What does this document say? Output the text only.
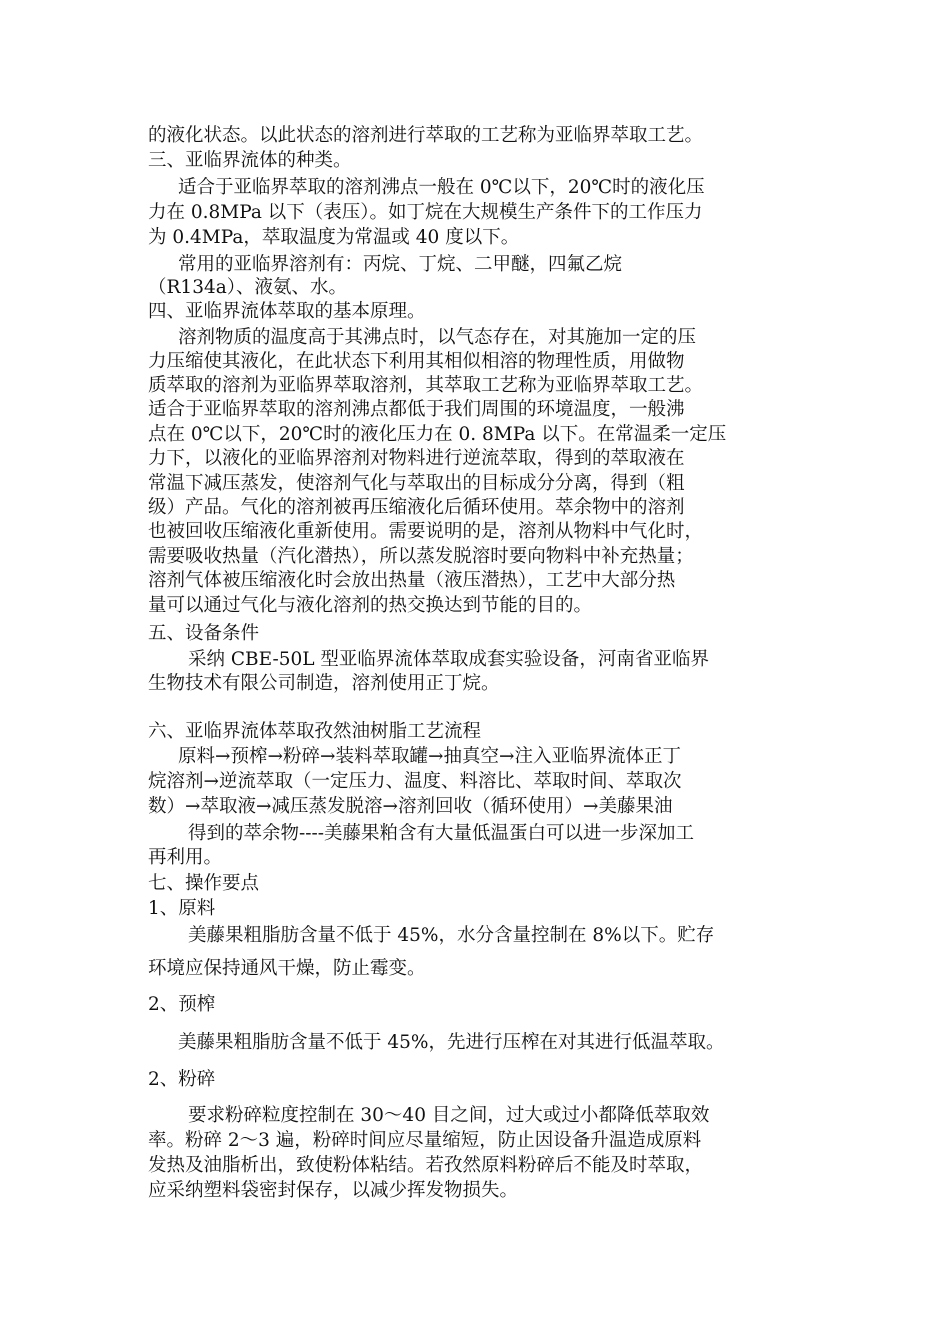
的液化状态。以此状态的溶剂进行萃取的工艺称为亚临界萃取工艺。

三、亚临界流体的种类。

适合于亚临界萃取的溶剂沸点一般在 0℃以下，20℃时的液化压

力在 0.8MPa 以下（表压）。如丁烷在大规模生产条件下的工作压力

为 0.4MPa，萃取温度为常温或 40 度以下。

常用的亚临界溶剂有：丙烷、丁烷、二甲醚，四氟乙烷

（R134a）、液氨、水。

四、亚临界流体萃取的基本原理。

溶剂物质的温度高于其沸点时，以气态存在，对其施加一定的压

力压缩使其液化，在此状态下利用其相似相溶的物理性质，用做物

质萃取的溶剂为亚临界萃取溶剂，其萃取工艺称为亚临界萃取工艺。

适合于亚临界萃取的溶剂沸点都低于我们周围的环境温度，一般沸

点在 0℃以下，20℃时的液化压力在 0. 8MPa 以下。在常温柔一定压

力下，以液化的亚临界溶剂对物料进行逆流萃取，得到的萃取液在

常温下减压蒸发，使溶剂气化与萃取出的目标成分分离，得到（粗

级）产品。气化的溶剂被再压缩液化后循环使用。萃余物中的溶剂

也被回收压缩液化重新使用。需要说明的是，溶剂从物料中气化时，

需要吸收热量（汽化潜热），所以蒸发脱溶时要向物料中补充热量；

溶剂气体被压缩液化时会放出热量（液压潜热），工艺中大部分热

量可以通过气化与液化溶剂的热交换达到节能的目的。

五、设备条件

采纳 CBE-50L 型亚临界流体萃取成套实验设备，河南省亚临界

生物技术有限公司制造，溶剂使用正丁烷。

六、亚临界流体萃取孜然油树脂工艺流程

原料→预榨→粉碎→装料萃取罐→抽真空→注入亚临界流体正丁

烷溶剂→逆流萃取（一定压力、温度、料溶比、萃取时间、萃取次

数）→萃取液→减压蒸发脱溶→溶剂回收（循环使用）→美藤果油

得到的萃余物----美藤果粕含有大量低温蛋白可以进一步深加工

再利用。

七、操作要点

1、原料

美藤果粗脂肪含量不低于 45%，水分含量控制在 8%以下。贮存

环境应保持通风干燥，防止霉变。

2、预榨

美藤果粗脂肪含量不低于 45%，先进行压榨在对其进行低温萃取。

2、粉碎

要求粉碎粒度控制在 30～40 目之间，过大或过小都降低萃取效

率。粉碎 2～3 遍，粉碎时间应尽量缩短，防止因设备升温造成原料

发热及油脂析出，致使粉体粘结。若孜然原料粉碎后不能及时萃取，

应采纳塑料袋密封保存，以减少挥发物损失。
